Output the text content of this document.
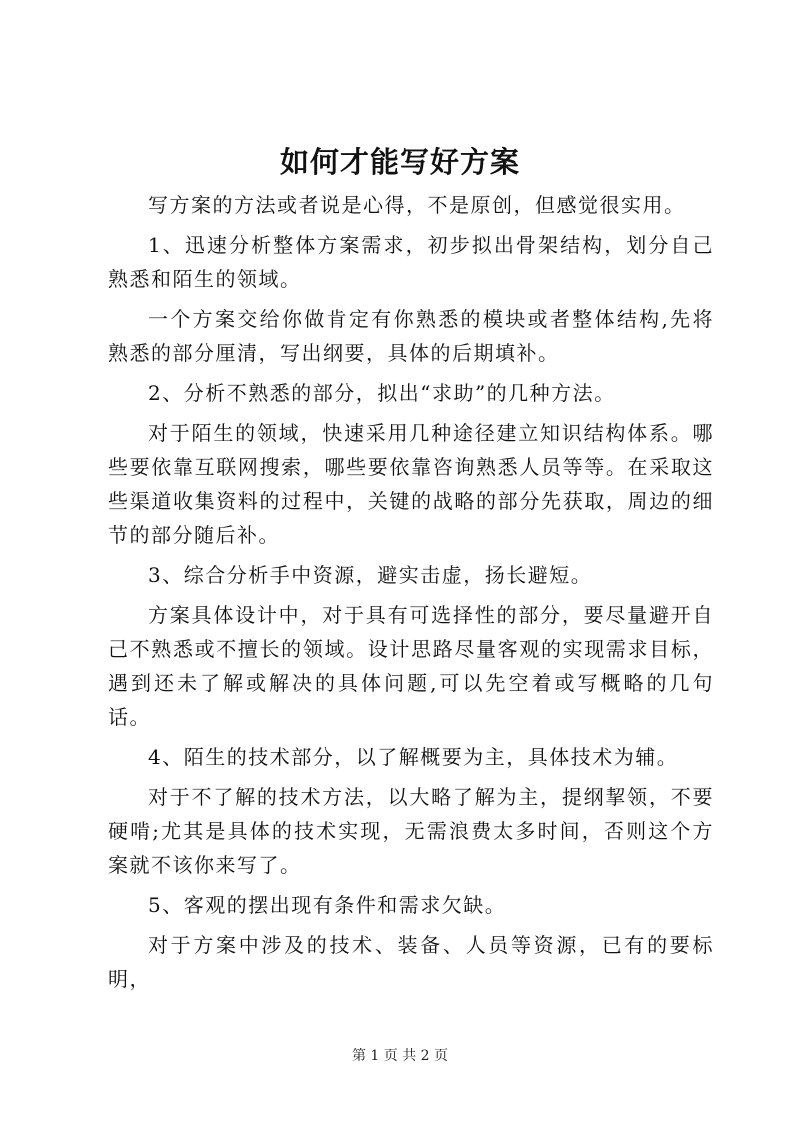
如何才能写好方案

写方案的方法或者说是心得，不是原创，但感觉很实用。

1、迅速分析整体方案需求，初步拟出骨架结构，划分自己熟悉和陌生的领域。

一个方案交给你做肯定有你熟悉的模块或者整体结构,先将熟悉的部分厘清，写出纲要，具体的后期填补。

2、分析不熟悉的部分，拟出“求助”的几种方法。

对于陌生的领域，快速采用几种途径建立知识结构体系。哪些要依靠互联网搜索，哪些要依靠咨询熟悉人员等等。在采取这些渠道收集资料的过程中，关键的战略的部分先获取，周边的细节的部分随后补。

3、综合分析手中资源，避实击虚，扬长避短。

方案具体设计中，对于具有可选择性的部分，要尽量避开自己不熟悉或不擅长的领域。设计思路尽量客观的实现需求目标，遇到还未了解或解决的具体问题,可以先空着或写概略的几句话。

4、陌生的技术部分，以了解概要为主，具体技术为辅。

对于不了解的技术方法，以大略了解为主，提纲挈领，不要硬啃;尤其是具体的技术实现，无需浪费太多时间，否则这个方案就不该你来写了。

5、客观的摆出现有条件和需求欠缺。

对于方案中涉及的技术、装备、人员等资源，已有的要标明，

第 1 页 共 2 页
